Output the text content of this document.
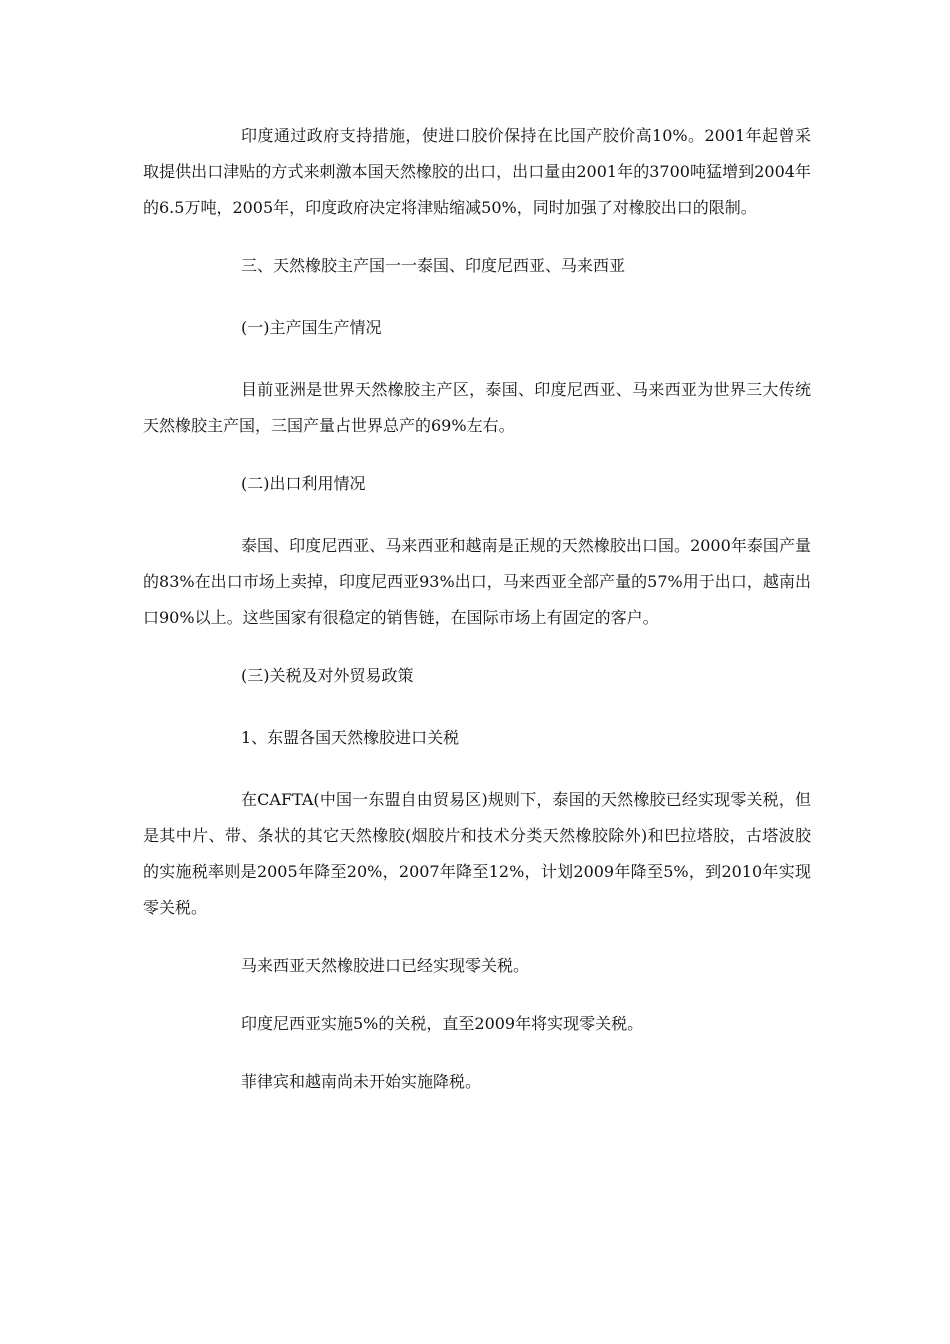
印度通过政府支持措施，使进口胶价保持在比国产胶价高10%。2001年起曾采取提供出口津贴的方式来刺激本国天然橡胶的出口，出口量由2001年的3700吨猛增到2004年的6.5万吨，2005年，印度政府决定将津贴缩减50%，同时加强了对橡胶出口的限制。

三、天然橡胶主产国一一泰国、印度尼西亚、马来西亚

(一)主产国生产情况

目前亚洲是世界天然橡胶主产区，泰国、印度尼西亚、马来西亚为世界三大传统天然橡胶主产国，三国产量占世界总产的69%左右。

(二)出口利用情况

泰国、印度尼西亚、马来西亚和越南是正规的天然橡胶出口国。2000年泰国产量的83%在出口市场上卖掉，印度尼西亚93%出口，马来西亚全部产量的57%用于出口，越南出口90%以上。这些国家有很稳定的销售链，在国际市场上有固定的客户。

(三)关税及对外贸易政策

1、东盟各国天然橡胶进口关税

在CAFTA(中国一东盟自由贸易区)规则下，泰国的天然橡胶已经实现零关税，但是其中片、带、条状的其它天然橡胶(烟胶片和技术分类天然橡胶除外)和巴拉塔胶，古塔波胶的实施税率则是2005年降至20%，2007年降至12%，计划2009年降至5%，到2010年实现零关税。

马来西亚天然橡胶进口已经实现零关税。

印度尼西亚实施5%的关税，直至2009年将实现零关税。

菲律宾和越南尚未开始实施降税。
